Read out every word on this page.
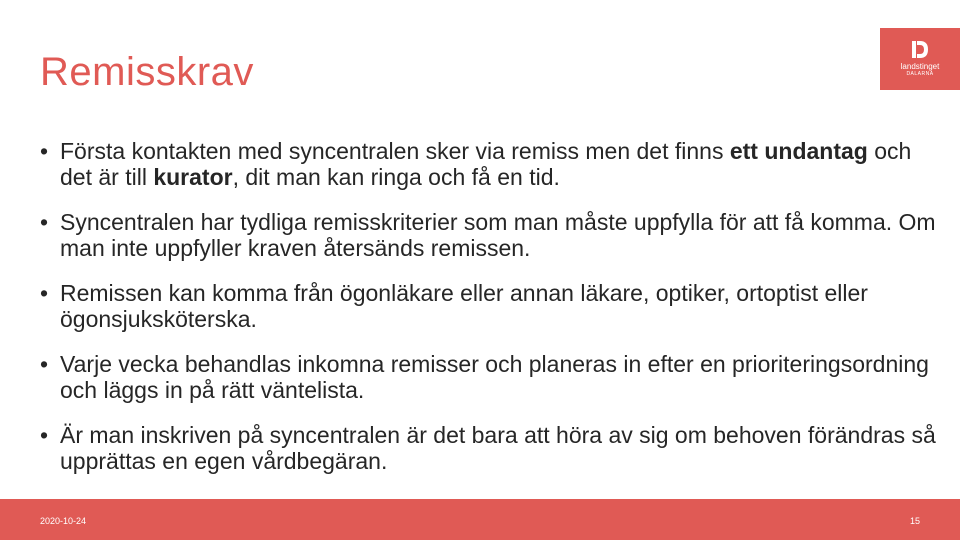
Remisskrav	landstinget
DALARNA
• Första kontakten med syncentralen sker via remiss men det finns ett undantag och det är till kurator, dit man kan ringa och få en tid.
• Syncentralen har tydliga remisskriterier som man måste uppfylla för att få komma. Om man inte uppfyller kraven återsänds remissen.
• Remissen kan komma från ögonläkare eller annan läkare, optiker, ortoptist eller ögonsjuksköterska.
• Varje vecka behandlas inkomna remisser och planeras in efter en prioriteringsordning och läggs in på rätt väntelista.
• Är man inskriven på syncentralen är det bara att höra av sig om behoven förändras så upprättas en egen vårdbegäran.
2020-10-24	15
